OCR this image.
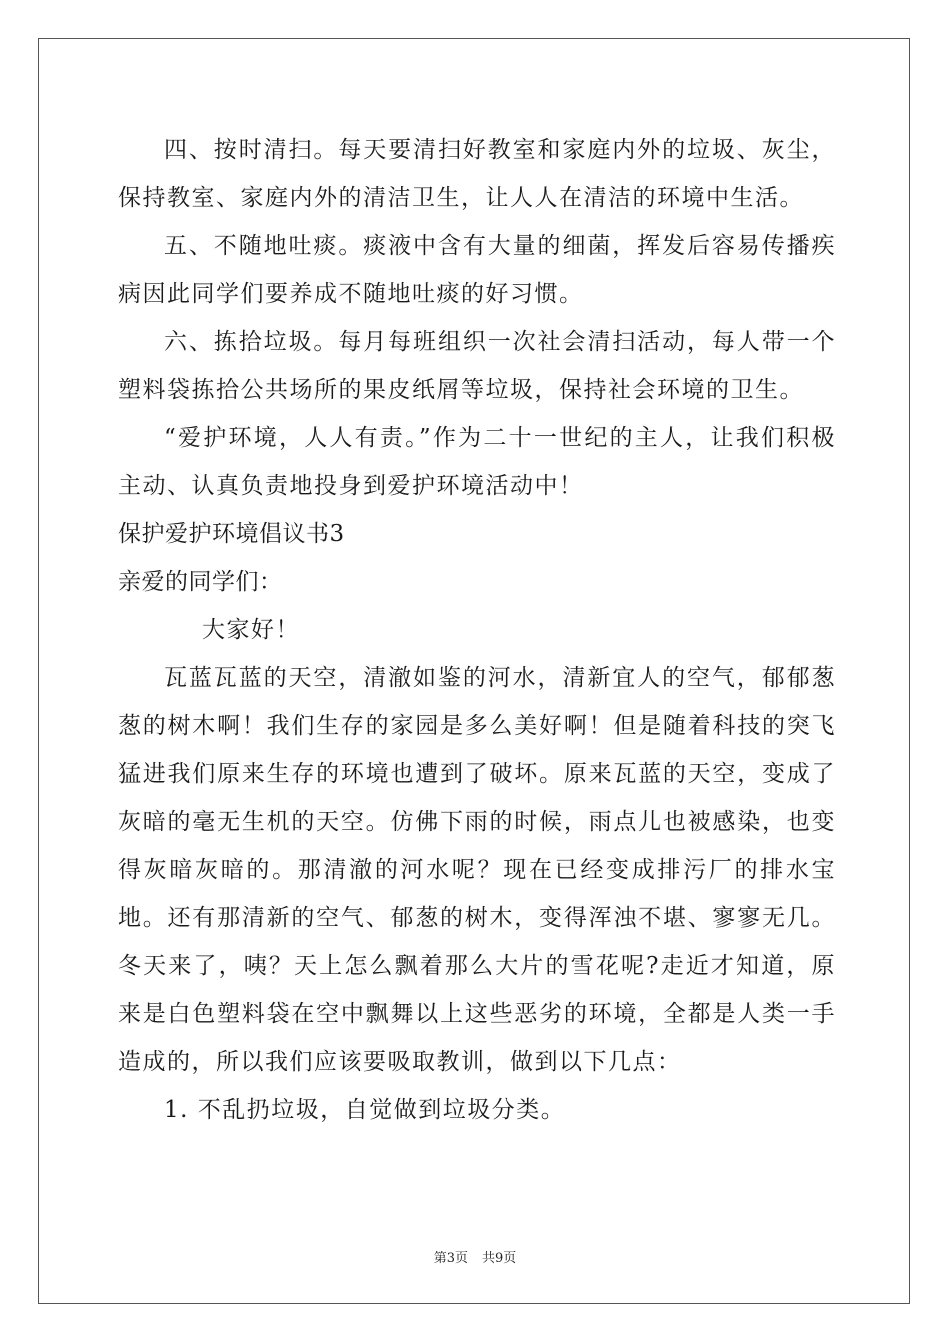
四、按时清扫。每天要清扫好教室和家庭内外的垃圾、灰尘，保持教室、家庭内外的清洁卫生，让人人在清洁的环境中生活。

五、不随地吐痰。痰液中含有大量的细菌，挥发后容易传播疾病因此同学们要养成不随地吐痰的好习惯。

六、拣拾垃圾。每月每班组织一次社会清扫活动，每人带一个塑料袋拣拾公共场所的果皮纸屑等垃圾，保持社会环境的卫生。

“爱护环境，人人有责。”作为二十一世纪的主人，让我们积极主动、认真负责地投身到爱护环境活动中！

保护爱护环境倡议书3

亲爱的同学们：

大家好！

瓦蓝瓦蓝的天空，清澈如鉴的河水，清新宜人的空气，郁郁葱葱的树木啊！我们生存的家园是多么美好啊！但是随着科技的突飞猛进我们原来生存的环境也遭到了破坏。原来瓦蓝的天空，变成了灰暗的毫无生机的天空。仿佛下雨的时候，雨点儿也被感染，也变得灰暗灰暗的。那清澈的河水呢？现在已经变成排污厂的排水宝地。还有那清新的空气、郁葱的树木，变得浑浊不堪、寥寥无几。冬天来了，咦？天上怎么飘着那么大片的雪花呢?走近才知道，原来是白色塑料袋在空中飘舞以上这些恶劣的环境，全都是人类一手造成的，所以我们应该要吸取教训，做到以下几点：

1. 不乱扔垃圾，自觉做到垃圾分类。

第3页 共9页
